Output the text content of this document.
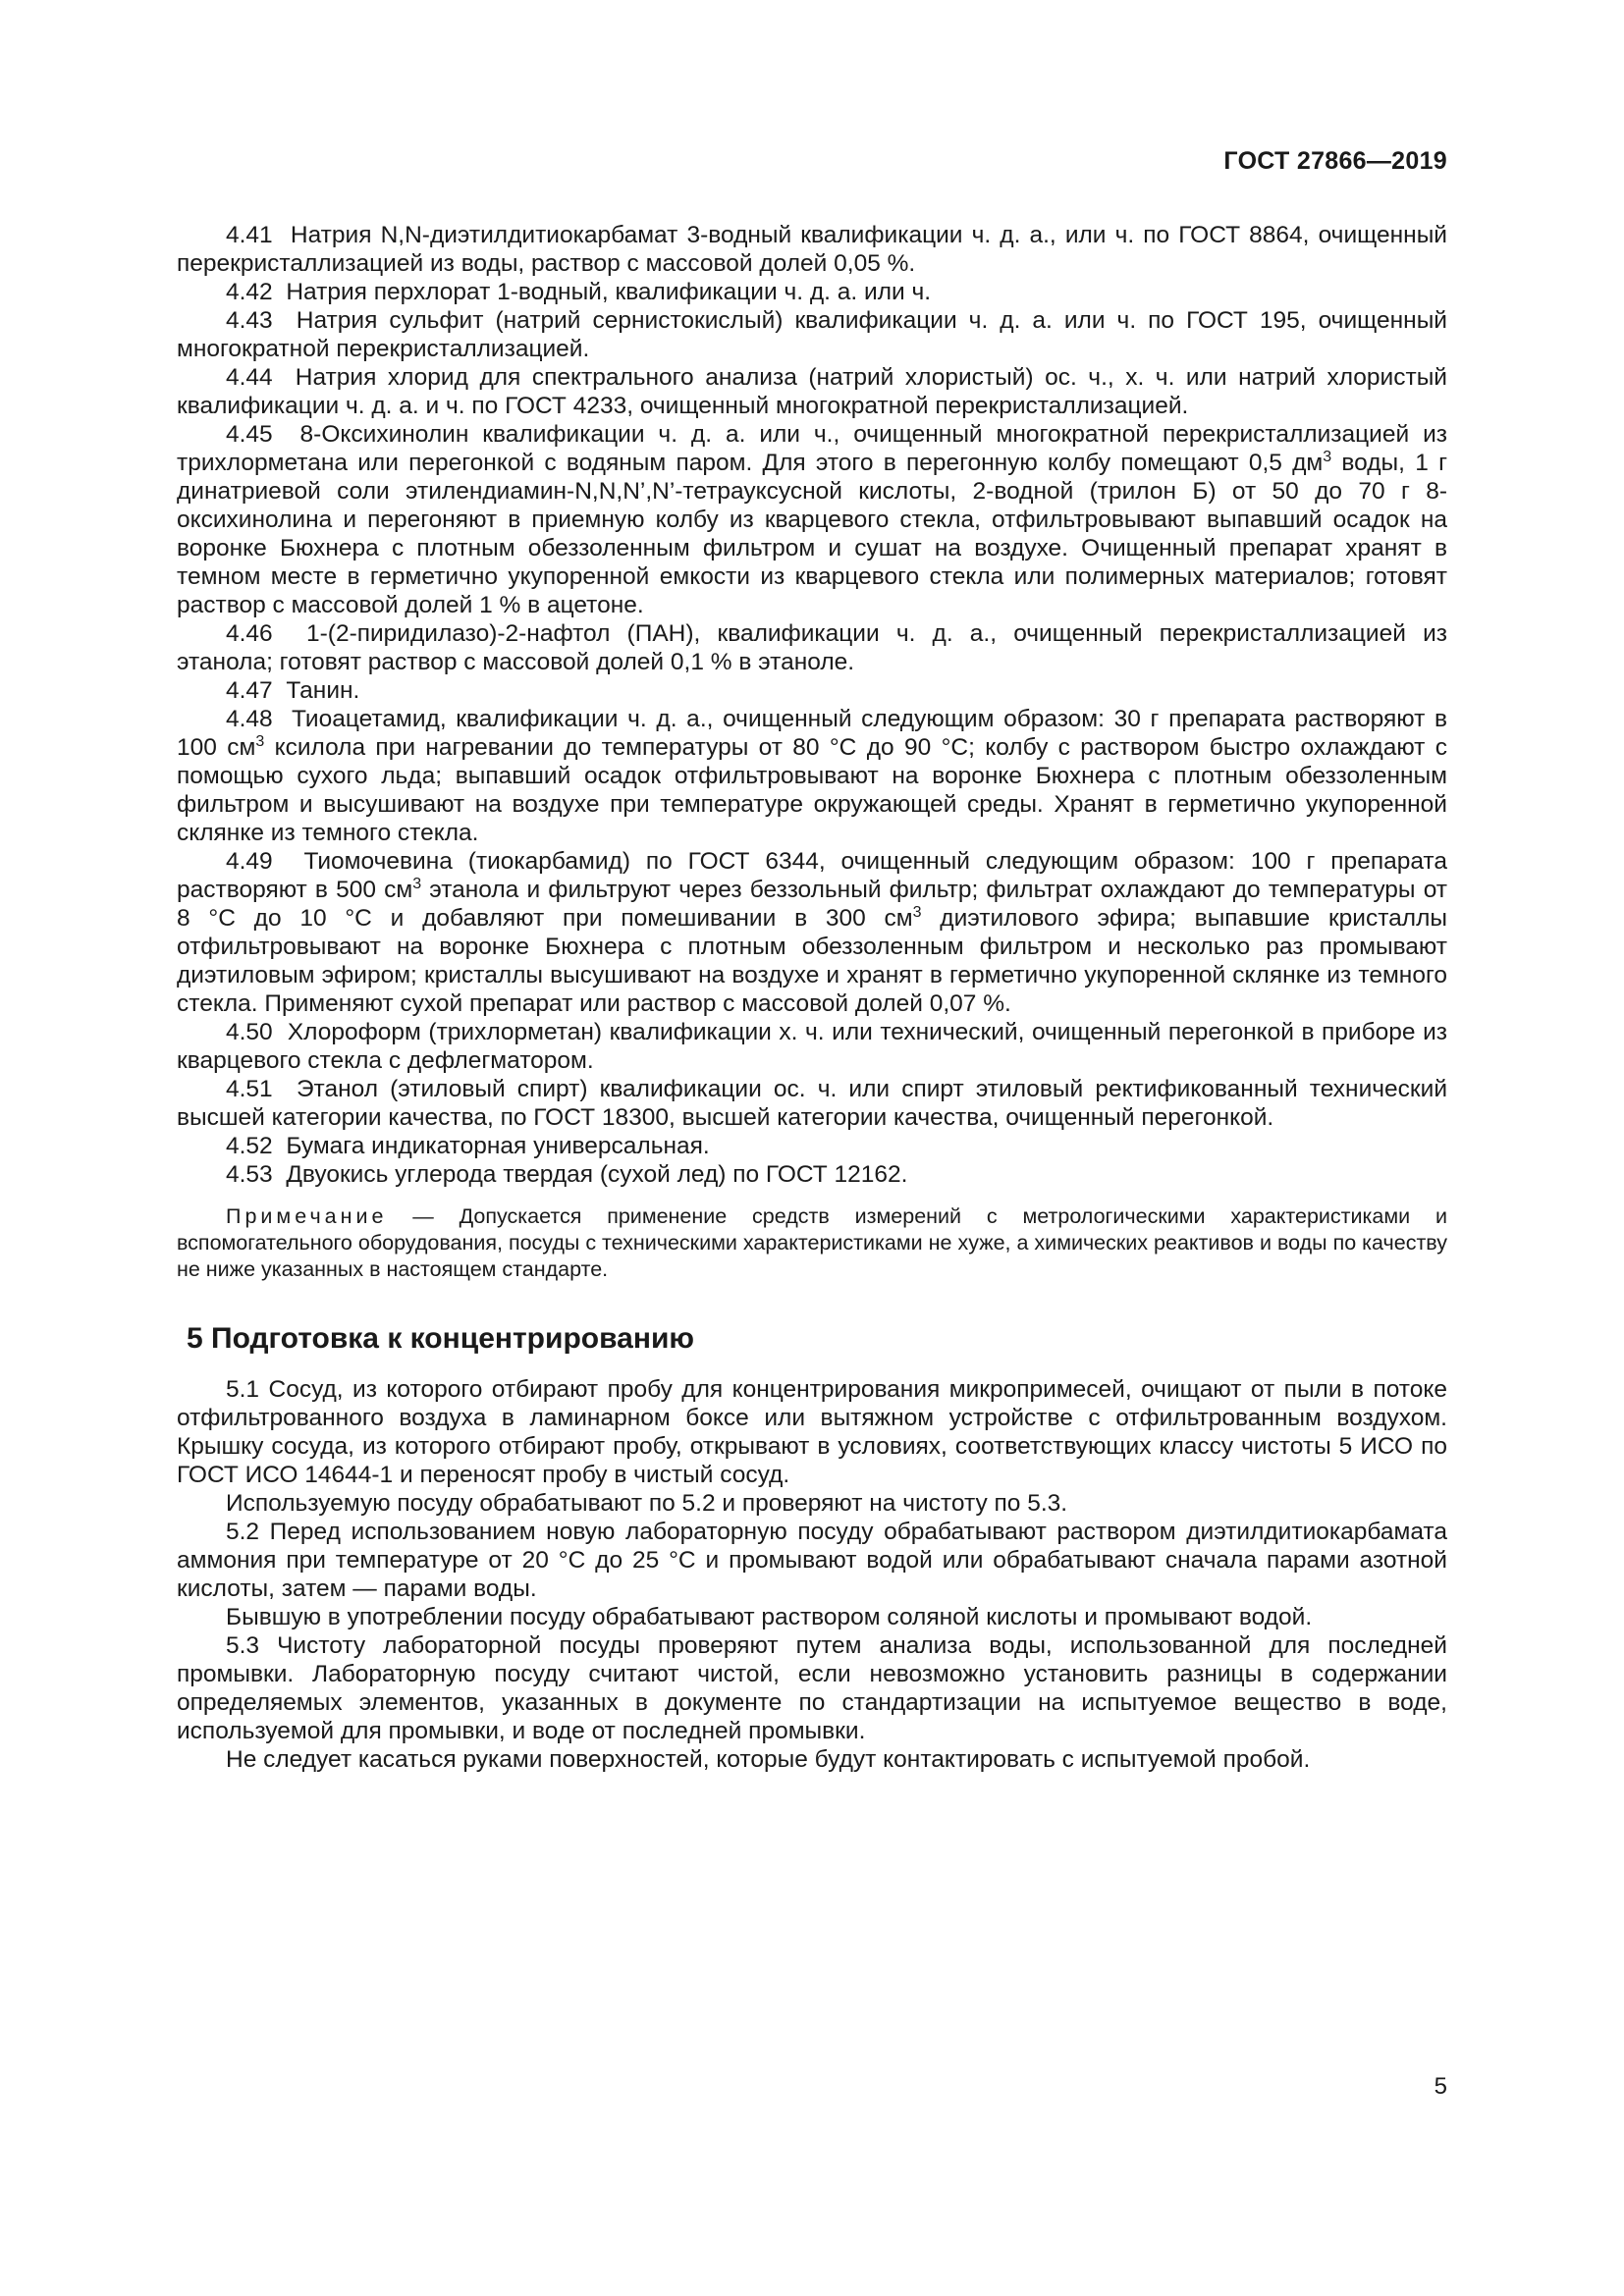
ГОСТ 27866—2019

4.41 Натрия N,N-диэтилдитиокарбамат 3-водный квалификации ч. д. а., или ч. по ГОСТ 8864, очищенный перекристаллизацией из воды, раствор с массовой долей 0,05 %.

4.42 Натрия перхлорат 1-водный, квалификации ч. д. а. или ч.

4.43 Натрия сульфит (натрий сернистокислый) квалификации ч. д. а. или ч. по ГОСТ 195, очищенный многократной перекристаллизацией.

4.44 Натрия хлорид для спектрального анализа (натрий хлористый) ос. ч., х. ч. или натрий хлористый квалификации ч. д. а. и ч. по ГОСТ 4233, очищенный многократной перекристаллизацией.

4.45 8-Оксихинолин квалификации ч. д. а. или ч., очищенный многократной перекристаллизацией из трихлорметана или перегонкой с водяным паром. Для этого в перегонную колбу помещают 0,5 $дм^3$ воды, 1 г динатриевой соли этилендиамин-N,N,N’,N’-тетрауксусной кислоты, 2-водной (трилон Б) от 50 до 70 г 8-оксихинолина и перегоняют в приемную колбу из кварцевого стекла, отфильтровывают выпавший осадок на воронке Бюхнера с плотным обеззоленным фильтром и сушат на воздухе. Очищенный препарат хранят в темном месте в герметично укупоренной емкости из кварцевого стекла или полимерных материалов; готовят раствор с массовой долей 1 % в ацетоне.

4.46 1-(2-пиридилазо)-2-нафтол (ПАН), квалификации ч. д. а., очищенный перекристаллизацией из этанола; готовят раствор с массовой долей 0,1 % в этаноле.

4.47 Танин.

4.48 Тиоацетамид, квалификации ч. д. а., очищенный следующим образом: 30 г препарата растворяют в 100 $см^3$ ксилола при нагревании до температуры от 80 °С до 90 °С; колбу с раствором быстро охлаждают с помощью сухого льда; выпавший осадок отфильтровывают на воронке Бюхнера с плотным обеззоленным фильтром и высушивают на воздухе при температуре окружающей среды. Хранят в герметично укупоренной склянке из темного стекла.

4.49 Тиомочевина (тиокарбамид) по ГОСТ 6344, очищенный следующим образом: 100 г препарата растворяют в 500 $см^3$ этанола и фильтруют через беззольный фильтр; фильтрат охлаждают до температуры от 8 °С до 10 °С и добавляют при помешивании в 300 $см^3$ диэтилового эфира; выпавшие кристаллы отфильтровывают на воронке Бюхнера с плотным обеззоленным фильтром и несколько раз промывают диэтиловым эфиром; кристаллы высушивают на воздухе и хранят в герметично укупоренной склянке из темного стекла. Применяют сухой препарат или раствор с массовой долей 0,07 %.

4.50 Хлороформ (трихлорметан) квалификации х. ч. или технический, очищенный перегонкой в приборе из кварцевого стекла с дефлегматором.

4.51 Этанол (этиловый спирт) квалификации ос. ч. или спирт этиловый ректификованный технический высшей категории качества, по ГОСТ 18300, высшей категории качества, очищенный перегонкой.

4.52 Бумага индикаторная универсальная.

4.53 Двуокись углерода твердая (сухой лед) по ГОСТ 12162.

Примечание — Допускается применение средств измерений с метрологическими характеристиками и вспомогательного оборудования, посуды с техническими характеристиками не хуже, а химических реактивов и воды по качеству не ниже указанных в настоящем стандарте.

5 Подготовка к концентрированию

5.1 Сосуд, из которого отбирают пробу для концентрирования микропримесей, очищают от пыли в потоке отфильтрованного воздуха в ламинарном боксе или вытяжном устройстве с отфильтрованным воздухом. Крышку сосуда, из которого отбирают пробу, открывают в условиях, соответствующих классу чистоты 5 ИСО по ГОСТ ИСО 14644-1 и переносят пробу в чистый сосуд.

Используемую посуду обрабатывают по 5.2 и проверяют на чистоту по 5.3.

5.2 Перед использованием новую лабораторную посуду обрабатывают раствором диэтилдитиокарбамата аммония при температуре от 20 °С до 25 °С и промывают водой или обрабатывают сначала парами азотной кислоты, затем — парами воды.

Бывшую в употреблении посуду обрабатывают раствором соляной кислоты и промывают водой.

5.3 Чистоту лабораторной посуды проверяют путем анализа воды, использованной для последней промывки. Лабораторную посуду считают чистой, если невозможно установить разницы в содержании определяемых элементов, указанных в документе по стандартизации на испытуемое вещество в воде, используемой для промывки, и воде от последней промывки.

Не следует касаться руками поверхностей, которые будут контактировать с испытуемой пробой.

5
